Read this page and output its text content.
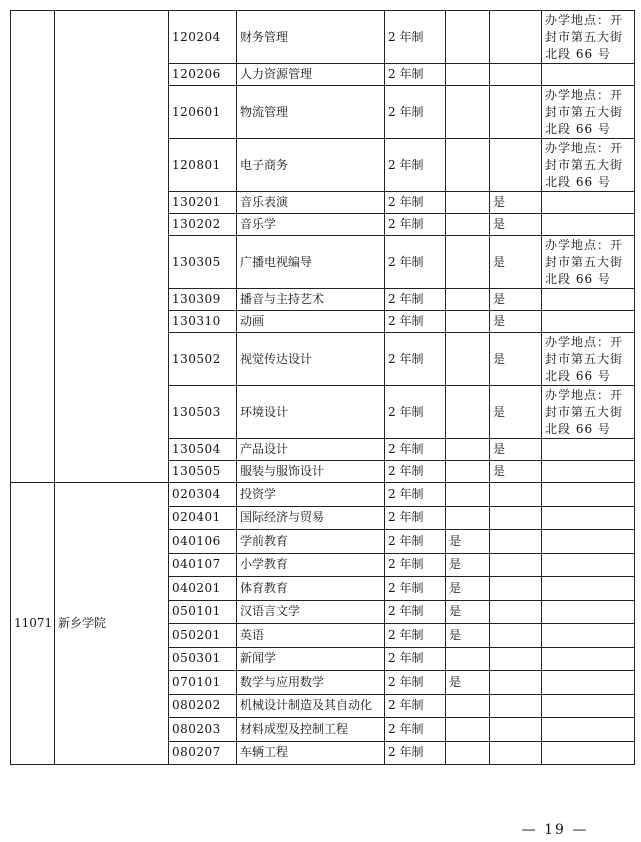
		120204	财务管理	2 年制			办学地点：开封市第五大街北段 66 号
		120206	人力资源管理	2 年制			
		120601	物流管理	2 年制			办学地点：开封市第五大街北段 66 号
		120801	电子商务	2 年制			办学地点：开封市第五大街北段 66 号
		130201	音乐表演	2 年制		是	
		130202	音乐学	2 年制		是	
		130305	广播电视编导	2 年制		是	办学地点：开封市第五大街北段 66 号
		130309	播音与主持艺术	2 年制		是	
		130310	动画	2 年制		是	
		130502	视觉传达设计	2 年制		是	办学地点：开封市第五大街北段 66 号
		130503	环境设计	2 年制		是	办学地点：开封市第五大街北段 66 号
		130504	产品设计	2 年制		是	
		130505	服装与服饰设计	2 年制		是	
11071	新乡学院	020304	投资学	2 年制			
		020401	国际经济与贸易	2 年制			
		040106	学前教育	2 年制	是		
		040107	小学教育	2 年制	是		
		040201	体育教育	2 年制	是		
		050101	汉语言文学	2 年制	是		
		050201	英语	2 年制	是		
		050301	新闻学	2 年制			
		070101	数学与应用数学	2 年制	是		
		080202	机械设计制造及其自动化	2 年制			
		080203	材料成型及控制工程	2 年制			
		080207	车辆工程	2 年制			
— 19 —
